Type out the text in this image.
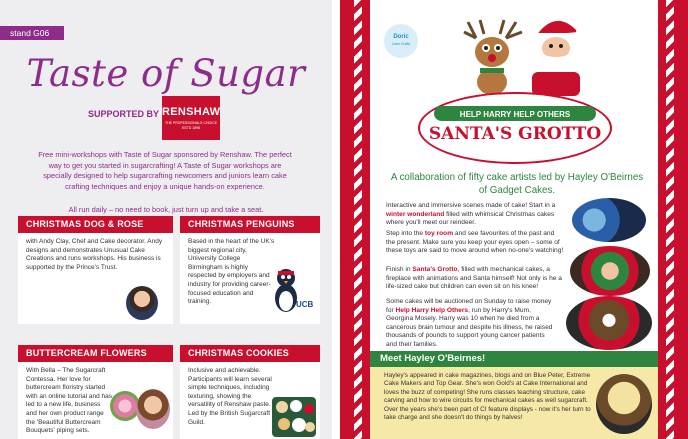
stand G06
Taste of Sugar
SUPPORTED BY RENSHAW
THE PROFESSIONALS CHOICE
ESTD 1898
Free mini-workshops with Taste of Sugar sponsored by Renshaw. The perfect way to get you started in sugarcrafting! A Taste of Sugar workshops are specially designed to help sugarcrafting newcomers and juniors learn cake crafting techniques and enjoy a unique hands-on experience.
All run daily – no need to book, just turn up and take a seat.
CHRISTMAS DOG & ROSE
with Andy Clay, Chef and Cake decorator. Andy designs and demonstrates Unusual Cake Creations and runs workshops. His business is supported by the Prince's Trust.
CHRISTMAS PENGUINS
Based in the heart of the UK's biggest regional city, University College Birmingham is highly respected by employers and industry for providing career-focused education and training.	UCB
BUTTERCREAM FLOWERS
With Bella – The Sugarcraft Contessa. Her love for buttercream floristry started with an online tutorial and has led to a new life, business and her own product range the 'Beautiful Buttercream Bouquets' piping sets.
CHRISTMAS COOKIES
Inclusive and achievable. Participants will learn several simple techniques, including texturing, showing the versatility of Renshaw paste. Led by the British Sugarcraft Guild.
Doric
Cake Crafts
HELP HARRY HELP OTHERS
SANTA'S GROTTO
A collaboration of fifty cake artists led by Hayley O'Beirnes of Gadget Cakes.
Interactive and immersive scenes made of cake! Start in a winter wonderland filled with whimsical Christmas cakes where you'll meet our reindeer.
Step into the toy room and see favourites of the past and the present. Make sure you keep your eyes open – some of these toys are said to move around when no-one's watching!
Finish in Santa's Grotto, filled with mechanical cakes, a fireplace with animations and Santa himself! Not only is he a life-sized cake but children can even sit on his knee!
Some cakes will be auctioned on Sunday to raise money for Help Harry Help Others, run by Harry's Mum, Georgina Mosely. Harry was 10 when he died from a cancerous brain tumour and despite his illness, he raised thousands of pounds to support young cancer patients and their families.
Meet Hayley O'Beirnes!
Hayley's appeared in cake magazines, blogs and on Blue Peter, Extreme Cake Makers and Top Gear. She's won Gold's at Cake International and loves the buzz of competing! She runs classes teaching structure, cake carving and how to wire circuits for mechanical cakes as well sugarcraft. Over the years she's been part of CI feature displays - now it's her turn to take charge and she doesn't do things by halves!
